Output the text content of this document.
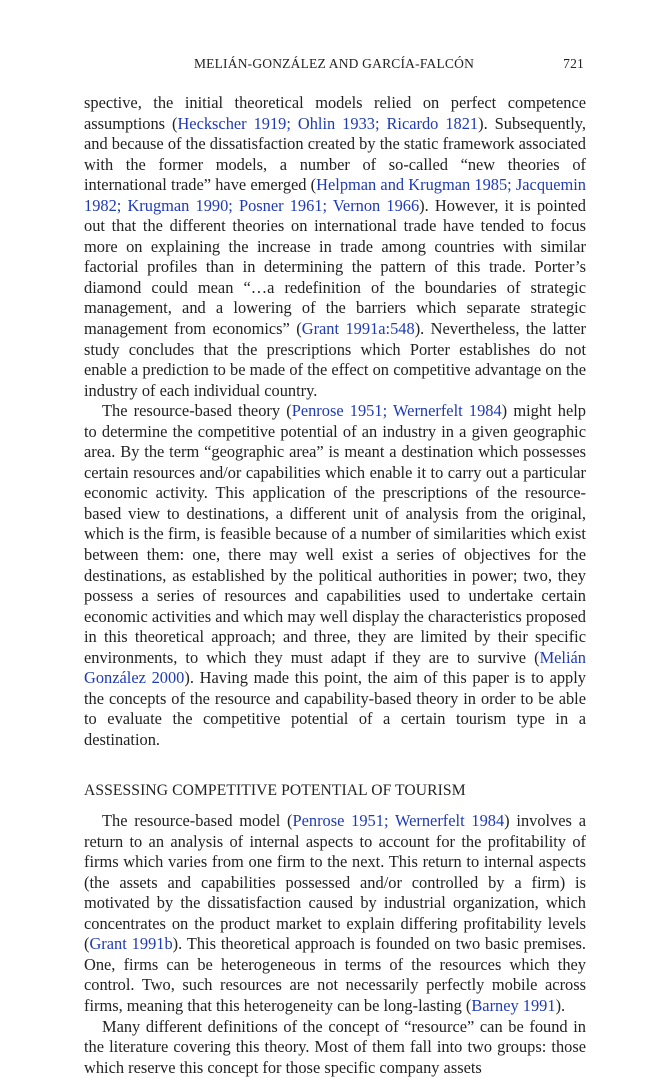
MELIÁN-GONZÁLEZ AND GARCÍA-FALCÓN	721

spective, the initial theoretical models relied on perfect competence assumptions (Heckscher 1919; Ohlin 1933; Ricardo 1821). Subsequently, and because of the dissatisfaction created by the static framework associated with the former models, a number of so-called “new theories of international trade” have emerged (Helpman and Krugman 1985; Jacquemin 1982; Krugman 1990; Posner 1961; Vernon 1966). However, it is pointed out that the different theories on international trade have tended to focus more on explaining the increase in trade among countries with similar factorial profiles than in determining the pattern of this trade. Porter’s diamond could mean “…a redefinition of the boundaries of strategic management, and a lowering of the barriers which separate strategic management from economics” (Grant 1991a:548). Nevertheless, the latter study concludes that the prescriptions which Porter establishes do not enable a prediction to be made of the effect on competitive advantage on the industry of each individual country.

The resource-based theory (Penrose 1951; Wernerfelt 1984) might help to determine the competitive potential of an industry in a given geographic area. By the term “geographic area” is meant a destination which possesses certain resources and/or capabilities which enable it to carry out a particular economic activity. This application of the prescriptions of the resource-based view to destinations, a different unit of analysis from the original, which is the firm, is feasible because of a number of similarities which exist between them: one, there may well exist a series of objectives for the destinations, as established by the political authorities in power; two, they possess a series of resources and capabilities used to undertake certain economic activities and which may well display the characteristics proposed in this theoretical approach; and three, they are limited by their specific environments, to which they must adapt if they are to survive (Melián González 2000). Having made this point, the aim of this paper is to apply the concepts of the resource and capability-based theory in order to be able to evaluate the competitive potential of a certain tourism type in a destination.

ASSESSING COMPETITIVE POTENTIAL OF TOURISM

The resource-based model (Penrose 1951; Wernerfelt 1984) involves a return to an analysis of internal aspects to account for the profitability of firms which varies from one firm to the next. This return to internal aspects (the assets and capabilities possessed and/or controlled by a firm) is motivated by the dissatisfaction caused by industrial organization, which concentrates on the product market to explain differing profitability levels (Grant 1991b). This theoretical approach is founded on two basic premises. One, firms can be heterogeneous in terms of the resources which they control. Two, such resources are not necessarily perfectly mobile across firms, meaning that this heterogeneity can be long-lasting (Barney 1991).

Many different definitions of the concept of “resource” can be found in the literature covering this theory. Most of them fall into two groups: those which reserve this concept for those specific company assets
